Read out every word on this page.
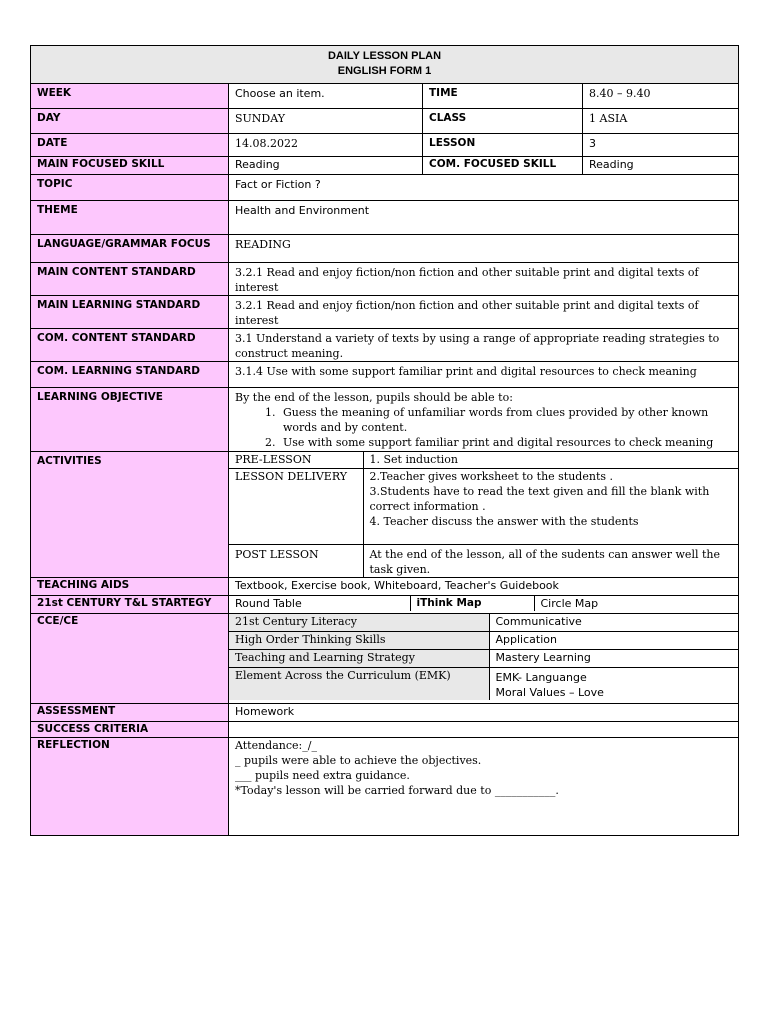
DAILY LESSON PLAN
ENGLISH FORM 1

WEEK	Choose an item.	TIME	8.40 – 9.40
DAY	SUNDAY	CLASS	1 ASIA
DATE	14.08.2022	LESSON	3
MAIN FOCUSED SKILL	Reading	COM. FOCUSED SKILL	Reading
TOPIC	Fact or Fiction ?
THEME	Health and Environment
LANGUAGE/GRAMMAR FOCUS	READING
MAIN CONTENT STANDARD	3.2.1 Read and enjoy fiction/non fiction and other suitable print and digital texts of interest
MAIN LEARNING STANDARD	3.2.1 Read and enjoy fiction/non fiction and other suitable print and digital texts of interest
COM. CONTENT STANDARD	3.1 Understand a variety of texts by using a range of appropriate reading strategies to construct meaning.
COM. LEARNING STANDARD	3.1.4 Use with some support familiar print and digital resources to check meaning
LEARNING OBJECTIVE	By the end of the lesson, pupils should be able to:
1. Guess the meaning of unfamiliar words from clues provided by other known words and by content.
2. Use with some support familiar print and digital resources to check meaning

ACTIVITIES		PRE-LESSON	1. Set induction

LESSON DELIVERY	2.Teacher gives worksheet to the students .
3.Students have to read the text given and fill the blank with correct information .
4. Teacher discuss the answer with the students

POST LESSON	At the end of the lesson, all of the sudents can answer well the task given.

TEACHING AIDS	Textbook, Exercise book, Whiteboard, Teacher's Guidebook
21st CENTURY T&L STARTEGY	Round Table	iThink Map	Circle Map

CCE/CE		21st Century Literacy	Communicative
High Order Thinking Skills	Application
Teaching and Learning Strategy	Mastery Learning
Element Across the Curriculum (EMK)	EMK- Languange
Moral Values – Love

ASSESSMENT	Homework
SUCCESS CRITERIA	
REFLECTION	Attendance:_/_
_ pupils were able to achieve the objectives.
___ pupils need extra guidance.
*Today's lesson will be carried forward due to ___________.
